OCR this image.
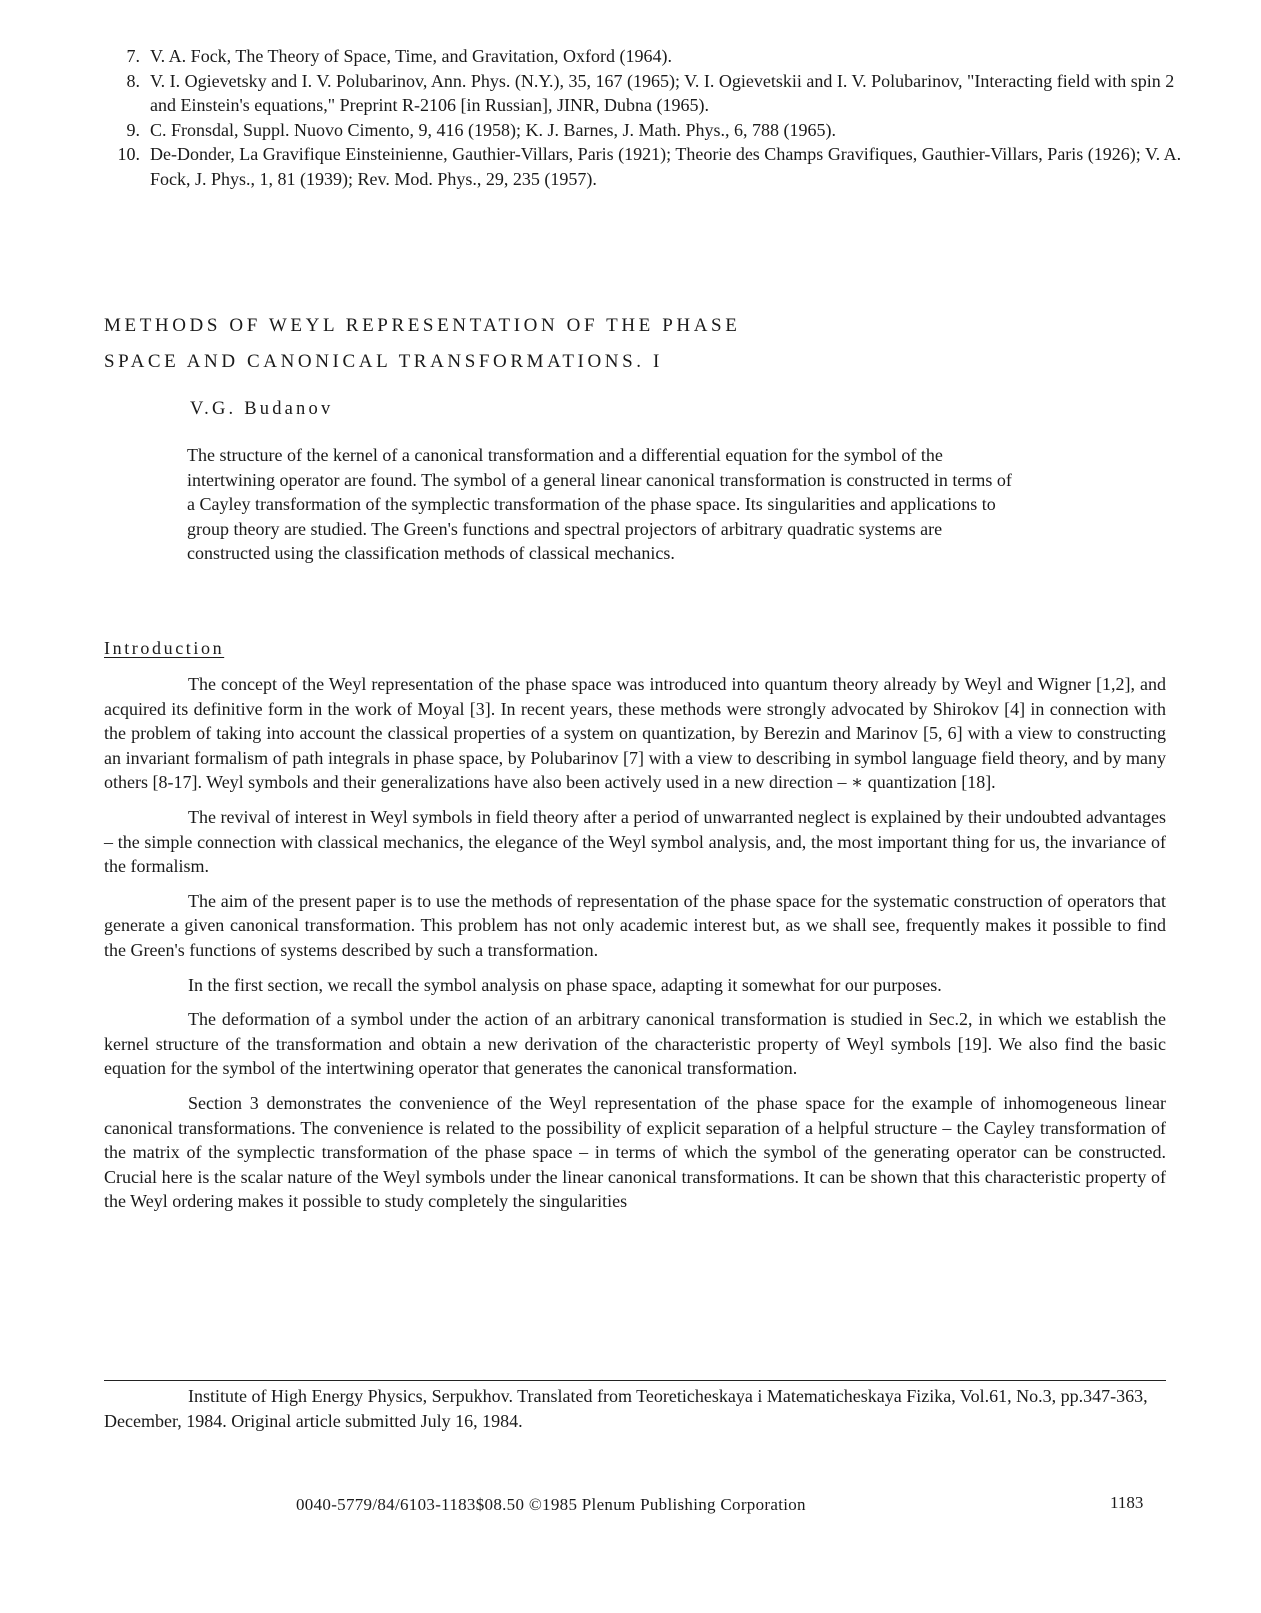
7. V. A. Fock, The Theory of Space, Time, and Gravitation, Oxford (1964).
8. V. I. Ogievetsky and I. V. Polubarinov, Ann. Phys. (N.Y.), 35, 167 (1965); V. I. Ogievetskii and I. V. Polubarinov, "Interacting field with spin 2 and Einstein's equations," Preprint R-2106 [in Russian], JINR, Dubna (1965).
9. C. Fronsdal, Suppl. Nuovo Cimento, 9, 416 (1958); K. J. Barnes, J. Math. Phys., 6, 788 (1965).
10. De-Donder, La Gravifique Einsteinienne, Gauthier-Villars, Paris (1921); Theorie des Champs Gravifiques, Gauthier-Villars, Paris (1926); V. A. Fock, J. Phys., 1, 81 (1939); Rev. Mod. Phys., 29, 235 (1957).
METHODS OF WEYL REPRESENTATION OF THE PHASE
SPACE AND CANONICAL TRANSFORMATIONS. I
V.G. Budanov

The structure of the kernel of a canonical transformation and a differential equation for the symbol of the intertwining operator are found. The symbol of a general linear canonical transformation is constructed in terms of a Cayley transformation of the symplectic transformation of the phase space. Its singularities and applications to group theory are studied. The Green's functions and spectral projectors of arbitrary quadratic systems are constructed using the classification methods of classical mechanics.

Introduction

The concept of the Weyl representation of the phase space was introduced into quantum theory already by Weyl and Wigner [1,2], and acquired its definitive form in the work of Moyal [3]. In recent years, these methods were strongly advocated by Shirokov [4] in connection with the problem of taking into account the classical properties of a system on quantization, by Berezin and Marinov [5, 6] with a view to constructing an invariant formalism of path integrals in phase space, by Polubarinov [7] with a view to describing in symbol language field theory, and by many others [8-17]. Weyl symbols and their generalizations have also been actively used in a new direction – ∗ quantization [18].

The revival of interest in Weyl symbols in field theory after a period of unwarranted neglect is explained by their undoubted advantages – the simple connection with classical mechanics, the elegance of the Weyl symbol analysis, and, the most important thing for us, the invariance of the formalism.

The aim of the present paper is to use the methods of representation of the phase space for the systematic construction of operators that generate a given canonical transformation. This problem has not only academic interest but, as we shall see, frequently makes it possible to find the Green's functions of systems described by such a transformation.

In the first section, we recall the symbol analysis on phase space, adapting it somewhat for our purposes.

The deformation of a symbol under the action of an arbitrary canonical transformation is studied in Sec.2, in which we establish the kernel structure of the transformation and obtain a new derivation of the characteristic property of Weyl symbols [19]. We also find the basic equation for the symbol of the intertwining operator that generates the canonical transformation.

Section 3 demonstrates the convenience of the Weyl representation of the phase space for the example of inhomogeneous linear canonical transformations. The convenience is related to the possibility of explicit separation of a helpful structure – the Cayley transformation of the matrix of the symplectic transformation of the phase space – in terms of which the symbol of the generating operator can be constructed. Crucial here is the scalar nature of the Weyl symbols under the linear canonical transformations. It can be shown that this characteristic property of the Weyl ordering makes it possible to study completely the singularities

Institute of High Energy Physics, Serpukhov. Translated from Teoreticheskaya i Matematicheskaya Fizika, Vol.61, No.3, pp.347-363, December, 1984. Original article submitted July 16, 1984.

0040-5779/84/6103-1183$08.50 ©1985 Plenum Publishing Corporation	1183
